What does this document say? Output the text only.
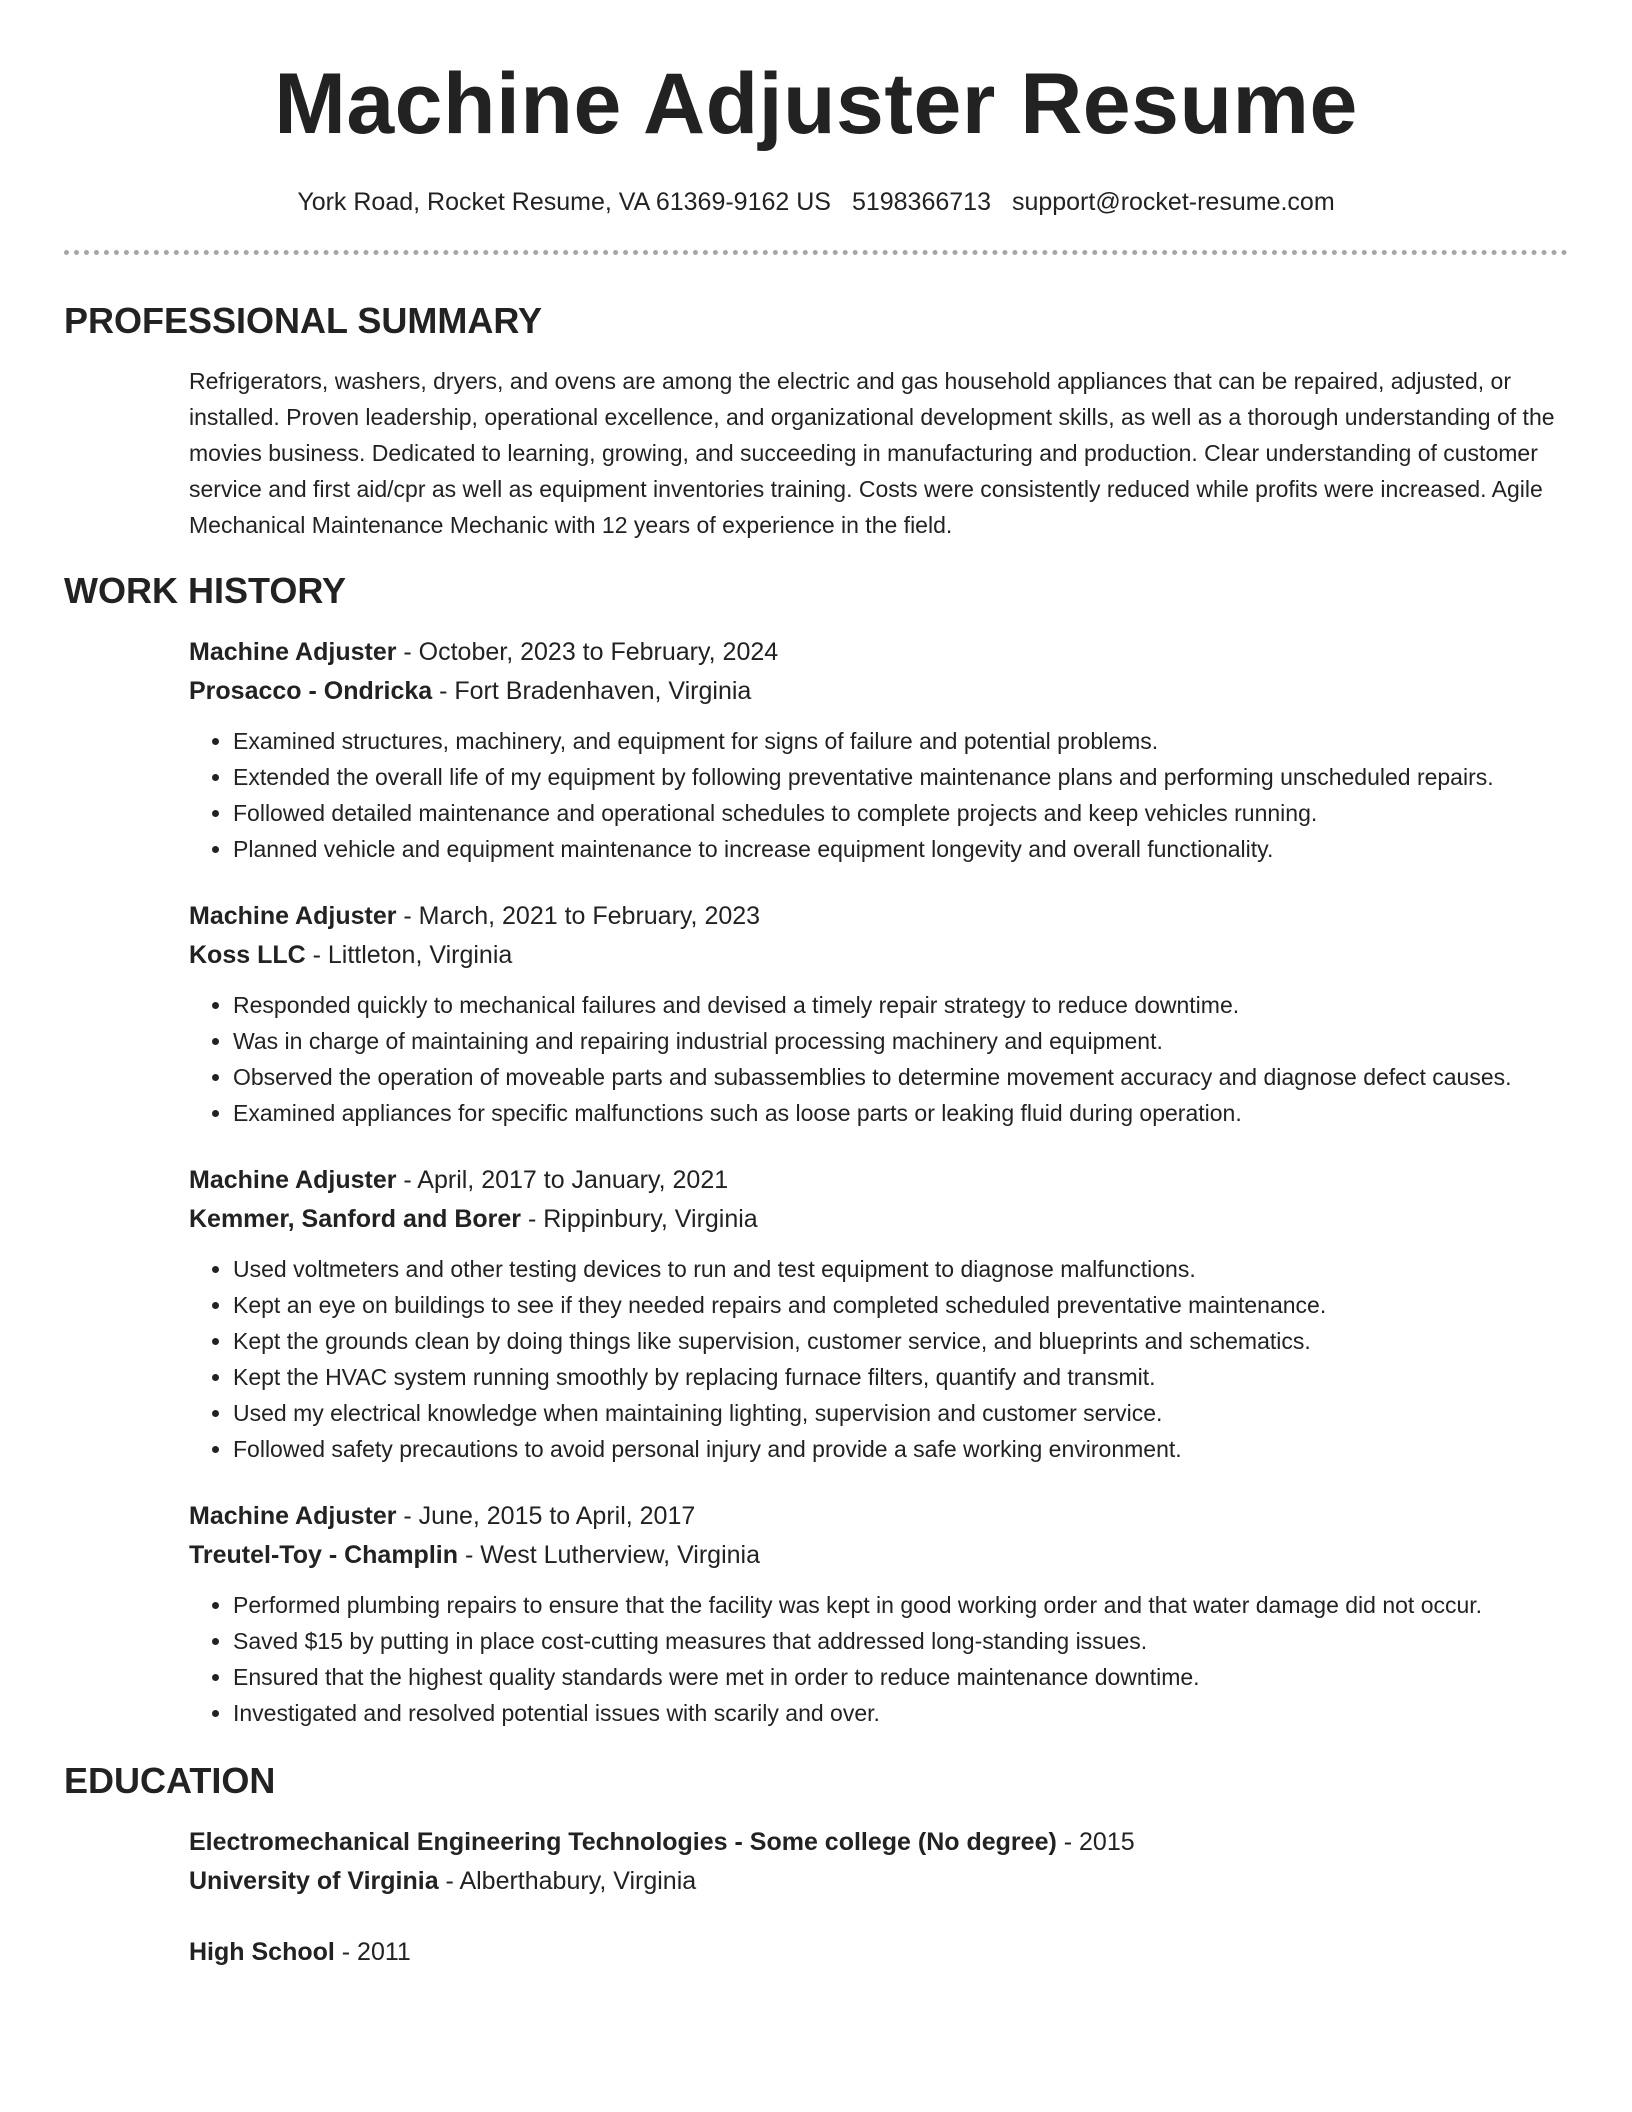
Machine Adjuster Resume
York Road, Rocket Resume, VA 61369-9162 US 5198366713 support@rocket-resume.com
PROFESSIONAL SUMMARY
Refrigerators, washers, dryers, and ovens are among the electric and gas household appliances that can be repaired, adjusted, or installed. Proven leadership, operational excellence, and organizational development skills, as well as a thorough understanding of the movies business. Dedicated to learning, growing, and succeeding in manufacturing and production. Clear understanding of customer service and first aid/cpr as well as equipment inventories training. Costs were consistently reduced while profits were increased. Agile Mechanical Maintenance Mechanic with 12 years of experience in the field.
WORK HISTORY
Machine Adjuster - October, 2023 to February, 2024
Prosacco - Ondricka - Fort Bradenhaven, Virginia
• Examined structures, machinery, and equipment for signs of failure and potential problems.
• Extended the overall life of my equipment by following preventative maintenance plans and performing unscheduled repairs.
• Followed detailed maintenance and operational schedules to complete projects and keep vehicles running.
• Planned vehicle and equipment maintenance to increase equipment longevity and overall functionality.
Machine Adjuster - March, 2021 to February, 2023
Koss LLC - Littleton, Virginia
• Responded quickly to mechanical failures and devised a timely repair strategy to reduce downtime.
• Was in charge of maintaining and repairing industrial processing machinery and equipment.
• Observed the operation of moveable parts and subassemblies to determine movement accuracy and diagnose defect causes.
• Examined appliances for specific malfunctions such as loose parts or leaking fluid during operation.
Machine Adjuster - April, 2017 to January, 2021
Kemmer, Sanford and Borer - Rippinbury, Virginia
• Used voltmeters and other testing devices to run and test equipment to diagnose malfunctions.
• Kept an eye on buildings to see if they needed repairs and completed scheduled preventative maintenance.
• Kept the grounds clean by doing things like supervision, customer service, and blueprints and schematics.
• Kept the HVAC system running smoothly by replacing furnace filters, quantify and transmit.
• Used my electrical knowledge when maintaining lighting, supervision and customer service.
• Followed safety precautions to avoid personal injury and provide a safe working environment.
Machine Adjuster - June, 2015 to April, 2017
Treutel-Toy - Champlin - West Lutherview, Virginia
• Performed plumbing repairs to ensure that the facility was kept in good working order and that water damage did not occur.
• Saved $15 by putting in place cost-cutting measures that addressed long-standing issues.
• Ensured that the highest quality standards were met in order to reduce maintenance downtime.
• Investigated and resolved potential issues with scarily and over.
EDUCATION
Electromechanical Engineering Technologies - Some college (No degree) - 2015
University of Virginia - Alberthabury, Virginia
High School - 2011
